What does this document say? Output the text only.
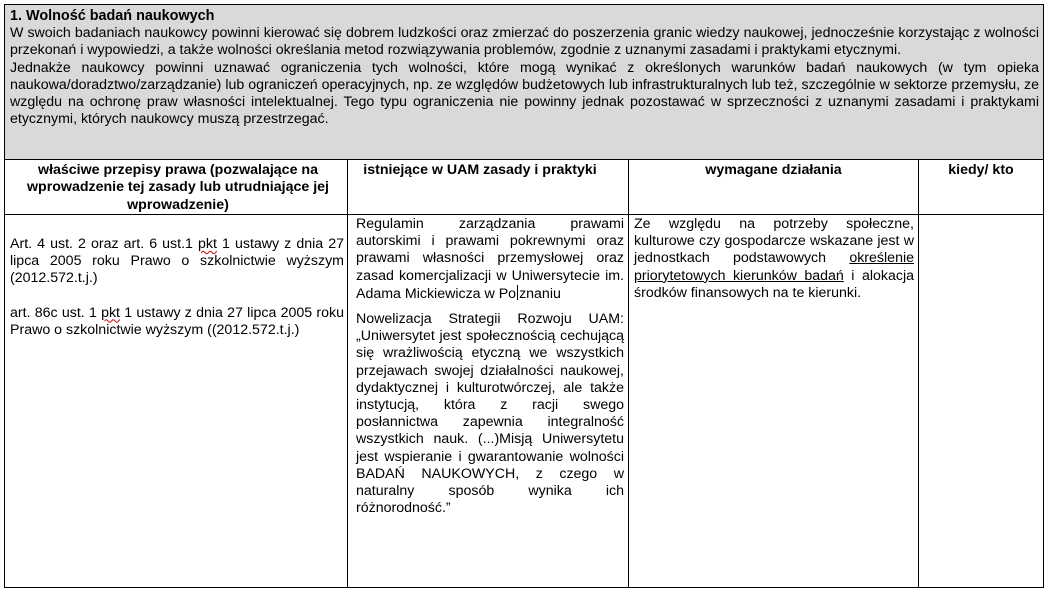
1. Wolność badań naukowych

W swoich badaniach naukowcy powinni kierować się dobrem ludzkości oraz zmierzać do poszerzenia granic wiedzy naukowej, jednocześnie korzystając z wolności przekonań i wypowiedzi, a także wolności określania metod rozwiązywania problemów, zgodnie z uznanymi zasadami i praktykami etycznymi.

Jednakże naukowcy powinni uznawać ograniczenia tych wolności, które mogą wynikać z określonych warunków badań naukowych (w tym opieka naukowa/doradztwo/zarządzanie) lub ograniczeń operacyjnych, np. ze względów budżetowych lub infrastrukturalnych lub też, szczególnie w sektorze przemysłu, ze względu na ochronę praw własności intelektualnej. Tego typu ograniczenia nie powinny jednak pozostawać w sprzeczności z uznanymi zasadami i praktykami etycznymi, których naukowcy muszą przestrzegać.

właściwe przepisy prawa (pozwalające na wprowadzenie tej zasady lub utrudniające jej wprowadzenie)
istniejące w UAM zasady i praktyki	wymagane działania	kiedy/ kto

Art. 4 ust. 2 oraz art. 6 ust.1 pkt 1 ustawy z dnia 27 lipca 2005 roku Prawo o szkolnictwie wyższym (2012.572.t.j.)

art. 86c ust. 1 pkt 1 ustawy z dnia 27 lipca 2005 roku Prawo o szkolnictwie wyższym ((2012.572.t.j.)

Regulamin zarządzania prawami autorskimi i prawami pokrewnymi oraz prawami własności przemysłowej oraz zasad komercjalizacji w Uniwersytecie im. Adama Mickiewicza w Po znaniu

Nowelizacja Strategii Rozwoju UAM: „Uniwersytet jest społecznością cechującą się wrażliwością etyczną we wszystkich przejawach swojej działalności naukowej, dydaktycznej i kulturotwórczej, ale także instytucją, która z racji swego posłannictwa zapewnia integralność wszystkich nauk. (...)Misją Uniwersytetu jest wspieranie i gwarantowanie wolności BADAŃ NAUKOWYCH, z czego w naturalny sposób wynika ich różnorodność.”

Ze względu na potrzeby społeczne, kulturowe czy gospodarcze wskazane jest w jednostkach podstawowych określenie priorytetowych kierunków badań i alokacja środków finansowych na te kierunki.
